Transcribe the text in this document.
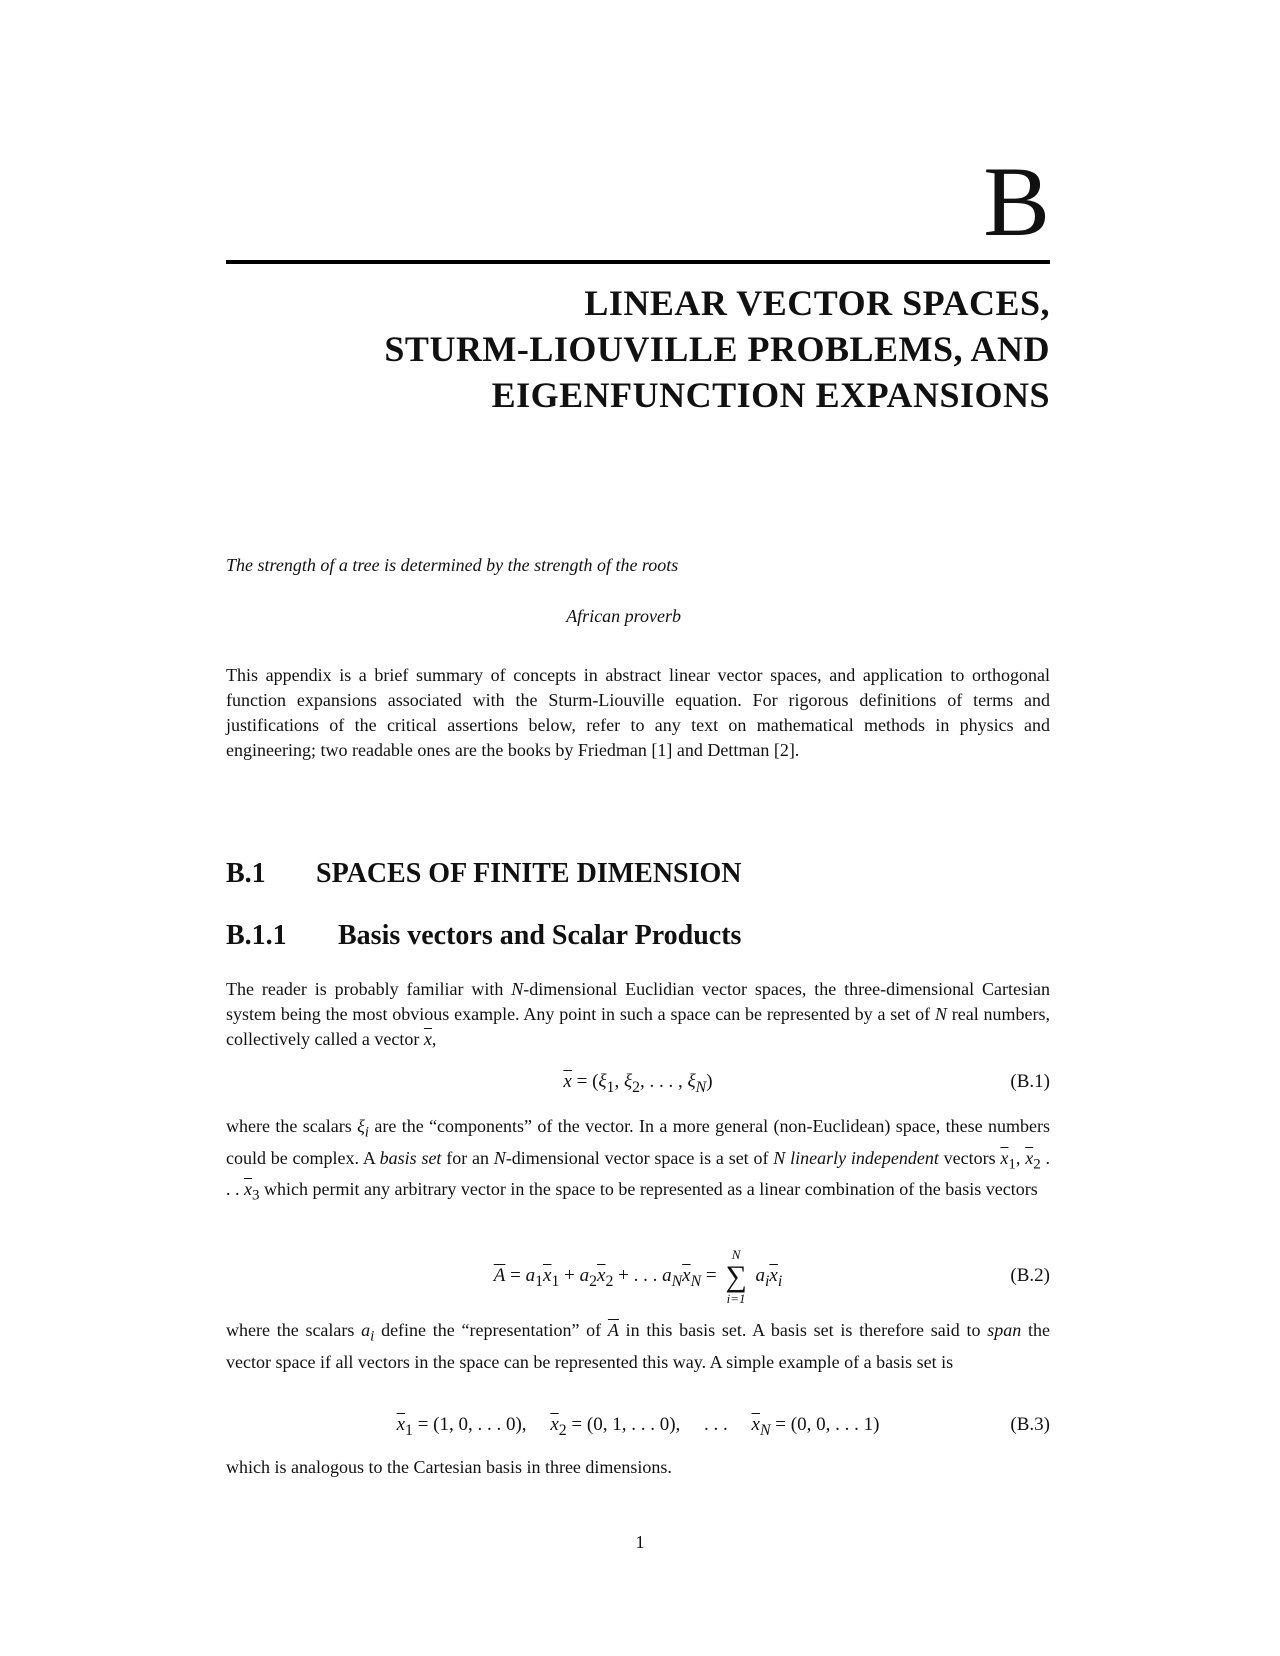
B
LINEAR VECTOR SPACES,
STURM-LIOUVILLE PROBLEMS, AND
EIGENFUNCTION EXPANSIONS
The strength of a tree is determined by the strength of the roots
African proverb
This appendix is a brief summary of concepts in abstract linear vector spaces, and application to orthogonal function expansions associated with the Sturm-Liouville equation. For rigorous definitions of terms and justifications of the critical assertions below, refer to any text on mathematical methods in physics and engineering; two readable ones are the books by Friedman [1] and Dettman [2].
B.1 SPACES OF FINITE DIMENSION
B.1.1 Basis vectors and Scalar Products
The reader is probably familiar with N-dimensional Euclidian vector spaces, the three-dimensional Cartesian system being the most obvious example. Any point in such a space can be represented by a set of N real numbers, collectively called a vector $\overline{x}$,
$\overline{x} = (\xi_1$, $\xi_2$, . . . , $\xi_N$)	(B.1)
where the scalars $\xi_i$ are the “components” of the vector. In a more general (non-Euclidean) space, these numbers could be complex. A basis set for an N-dimensional vector space is a set of N linearly independent vectors $\overline{x}_1$, $\overline{x}_2$ . . . $\overline{x}_3$ which permit any arbitrary vector in the space to be represented as a linear combination of the basis vectors
$\overline{A} = a_1\overline{x}_1 + a_2\overline{x}_2$ + . . . $a_N\overline{x}_N$ =
N
∑
i=1
$a_i\overline{x}_i$	(B.2)
where the scalars $a_i$ define the “representation” of $\overline{A}$ in this basis set. A basis set is therefore said to span the vector space if all vectors in the space can be represented this way. A simple example of a basis set is
$\overline{x}_1 = (1$, 0, . . . 0),     $\overline{x}_2 = (0$, 1, . . . 0),     . . .     $\overline{x}_N = (0$, 0, . . . 1)	(B.3)
which is analogous to the Cartesian basis in three dimensions.
1
